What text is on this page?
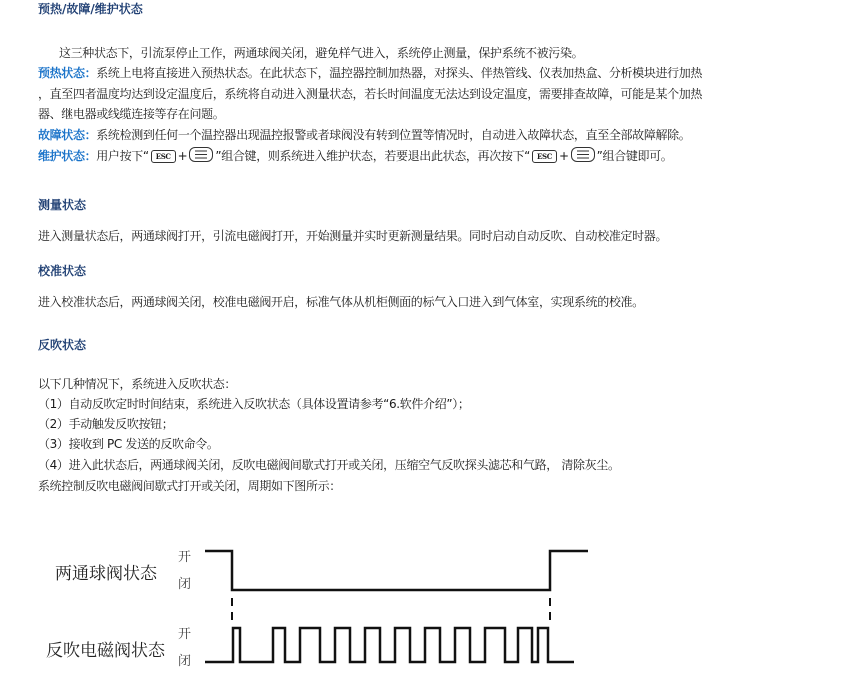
预热/故障/维护状态
这三种状态下，引流泵停止工作，两通球阀关闭，避免样气进入，系统停止测量，保护系统不被污染。
预热状态：系统上电将直接进入预热状态。在此状态下，温控器控制加热器，对探头、伴热管线、仪表加热盒、分析模块进行加热
，直至四者温度均达到设定温度后，系统将自动进入测量状态，若长时间温度无法达到设定温度，需要排查故障，可能是某个加热
器、继电器或线缆连接等存在问题。
故障状态：系统检测到任何一个温控器出现温控报警或者球阀没有转到位置等情况时，自动进入故障状态，直至全部故障解除。
维护状态：用户按下“ ESC + ”组合键，则系统进入维护状态，若要退出此状态，再次按下“ ESC + ”组合键即可。
测量状态
进入测量状态后，两通球阀打开，引流电磁阀打开，开始测量并实时更新测量结果。同时启动自动反吹、自动校准定时器。
校准状态
进入校准状态后，两通球阀关闭，校准电磁阀开启，标准气体从机柜侧面的标气入口进入到气体室，实现系统的校准。
反吹状态
以下几种情况下，系统进入反吹状态：
（1）自动反吹定时时间结束，系统进入反吹状态（具体设置请参考“6.软件介绍”）；
（2）手动触发反吹按钮；
（3）接收到 PC 发送的反吹命令。
（4）进入此状态后，两通球阀关闭，反吹电磁阀间歇式打开或关闭，压缩空气反吹探头滤芯和气路， 清除灰尘。
系统控制反吹电磁阀间歇式打开或关闭，周期如下图所示：
两通球阀状态
开
闭
反吹电磁阀状态
开
闭
